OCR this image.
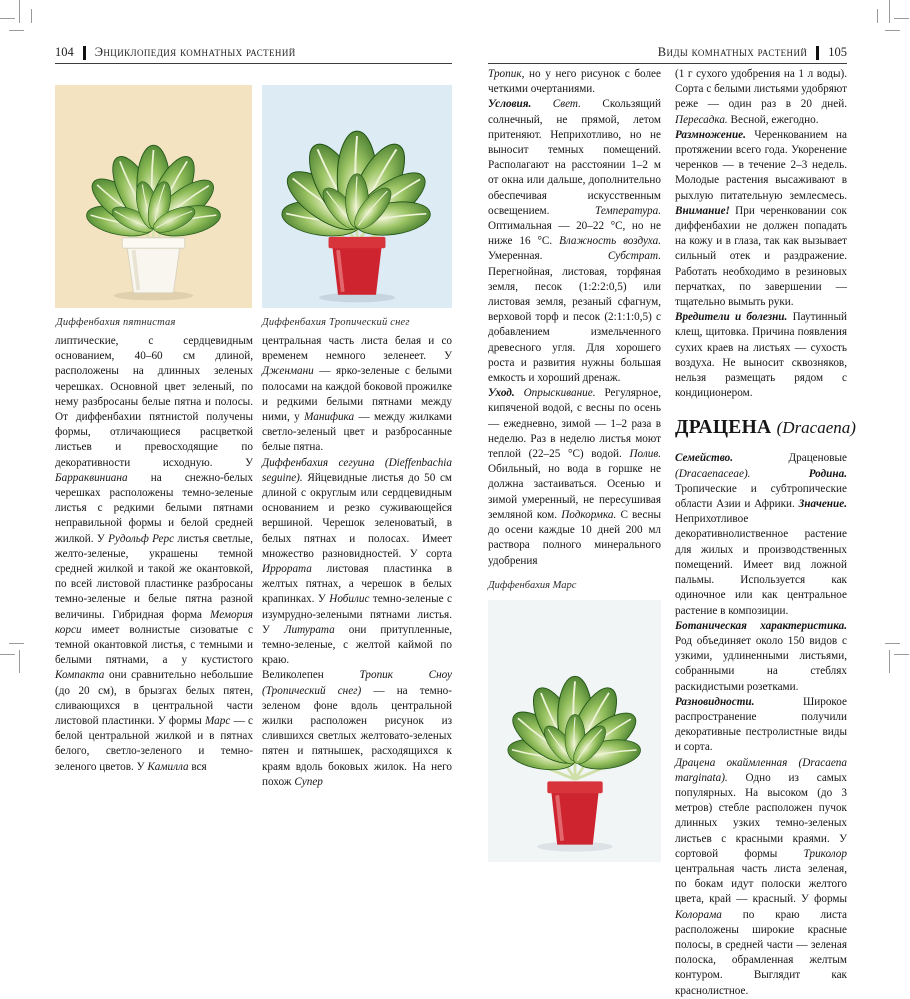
104 Энциклопедия комнатных растений
Диффенбахия пятнистая	Диффенбахия Тропический снег

липтические, с сердцевидным основанием, 40–60 см длиной, расположены на длинных зеленых черешках. Основной цвет зеленый, по нему разбросаны белые пятна и полосы. От диффенбахии пятнистой получены формы, отличающиеся расцветкой листьев и превосходящие по декоративности исходную. У Барраквиниана на снежно-белых черешках расположены темно-зеленые листья с редкими белыми пятнами неправильной формы и белой средней жилкой. У Рудольф Рерс листья светлые, желто-зеленые, украшены темной средней жилкой и такой же окантовкой, по всей листовой пластинке разбросаны темно-зеленые и белые пятна разной величины. Гибридная форма Мемория корси имеет волнистые сизоватые с темной окантовкой листья, с темными и белыми пятнами, а у кустистого Компакта они сравнительно небольшие (до 20 см), в брызгах белых пятен, сливающихся в центральной части листовой пластинки. У формы Марс — с белой центральной жилкой и в пятнах белого, светло-зеленого и темно-зеленого цветов. У Камилла вся

центральная часть листа белая и со временем немного зеленеет. У Дженмани — ярко-зеленые с белыми полосами на каждой боковой прожилке и редкими белыми пятнами между ними, у Манифика — между жилками светло-зеленый цвет и разбросанные белые пятна.

Диффенбахия сегуина (Dieffenbachia seguine). Яйцевидные листья до 50 см длиной с округлым или сердцевидным основанием и резко суживающейся вершиной. Черешок зеленоватый, в белых пятнах и полосах. Имеет множество разновидностей. У сорта Иррората листовая пластинка в желтых пятнах, а черешок в белых крапинках. У Нобилис темно-зеленые с изумрудно-зелеными пятнами листья. У Литурата они притупленные, темно-зеленые, с желтой каймой по краю.

Великолепен Тропик Сноу (Тропический снег) — на темно-зеленом фоне вдоль центральной жилки расположен рисунок из слившихся светлых желтовато-зеленых пятен и пятнышек, расходящихся к краям вдоль боковых жилок. На него похож Супер

Виды комнатных растений 105

Тропик, но у него рисунок с более четкими очертаниями.

Условия. Свет. Скользящий солнечный, не прямой, летом притеняют. Неприхотливо, но не выносит темных помещений. Располагают на расстоянии 1–2 м от окна или дальше, дополнительно обеспечивая искусственным освещением. Температура. Оптимальная — 20–22 °С, но не ниже 16 °С. Влажность воздуха. Умеренная. Субстрат. Перегнойная, листовая, торфяная земля, песок (1:2:2:0,5) или листовая земля, резаный сфагнум, верховой торф и песок (2:1:1:0,5) с добавлением измельченного древесного угля. Для хорошего роста и развития нужны большая емкость и хороший дренаж.

Уход. Опрыскивание. Регулярное, кипяченой водой, с весны по осень — ежедневно, зимой — 1–2 раза в неделю. Раз в неделю листья моют теплой (22–25 °С) водой. Полив. Обильный, но вода в горшке не должна застаиваться. Осенью и зимой умеренный, не пересушивая земляной ком. Подкормка. С весны до осени каждые 10 дней 200 мл раствора полного минерального удобрения

Диффенбахия Марс

(1 г сухого удобрения на 1 л воды). Сорта с белыми листьями удобряют реже — один раз в 20 дней. Пересадка. Весной, ежегодно.

Размножение. Черенкованием на протяжении всего года. Укоренение черенков — в течение 2–3 недель. Молодые растения высаживают в рыхлую питательную землесмесь. Внимание! При черенковании сок диффенбахии не должен попадать на кожу и в глаза, так как вызывает сильный отек и раздражение. Работать необходимо в резиновых перчатках, по завершении — тщательно вымыть руки.

Вредители и болезни. Паутинный клещ, щитовка. Причина появления сухих краев на листьях — сухость воздуха. Не выносит сквозняков, нельзя размещать рядом с кондиционером.

ДРАЦЕНА (Dracaena)

Семейство. Драценовые (Dracaenaceae).	Родина. Тропические и субтропические области Азии и Африки. Значение. Неприхотливое декоративнолиственное растение для жилых и производственных помещений. Имеет вид ложной пальмы. Используется как одиночное или как центральное растение в композиции.

Ботаническая характеристика. Род объединяет около 150 видов с узкими, удлиненными листьями, собранными на стеблях раскидистыми розетками.

Разновидности. Широкое распространение получили декоративные пестролистные виды и сорта.

Драцена окаймленная (Dracaena marginata). Одно из самых популярных. На высоком (до 3 метров) стебле расположен пучок длинных узких темно-зеленых листьев с красными краями. У сортовой формы Триколор центральная часть листа зеленая, по бокам идут полоски желтого цвета, край — красный. У формы Колорама по краю листа расположены широкие красные полосы, в средней части — зеленая полоска, обрамленная желтым контуром. Выглядит как краснолистное.
